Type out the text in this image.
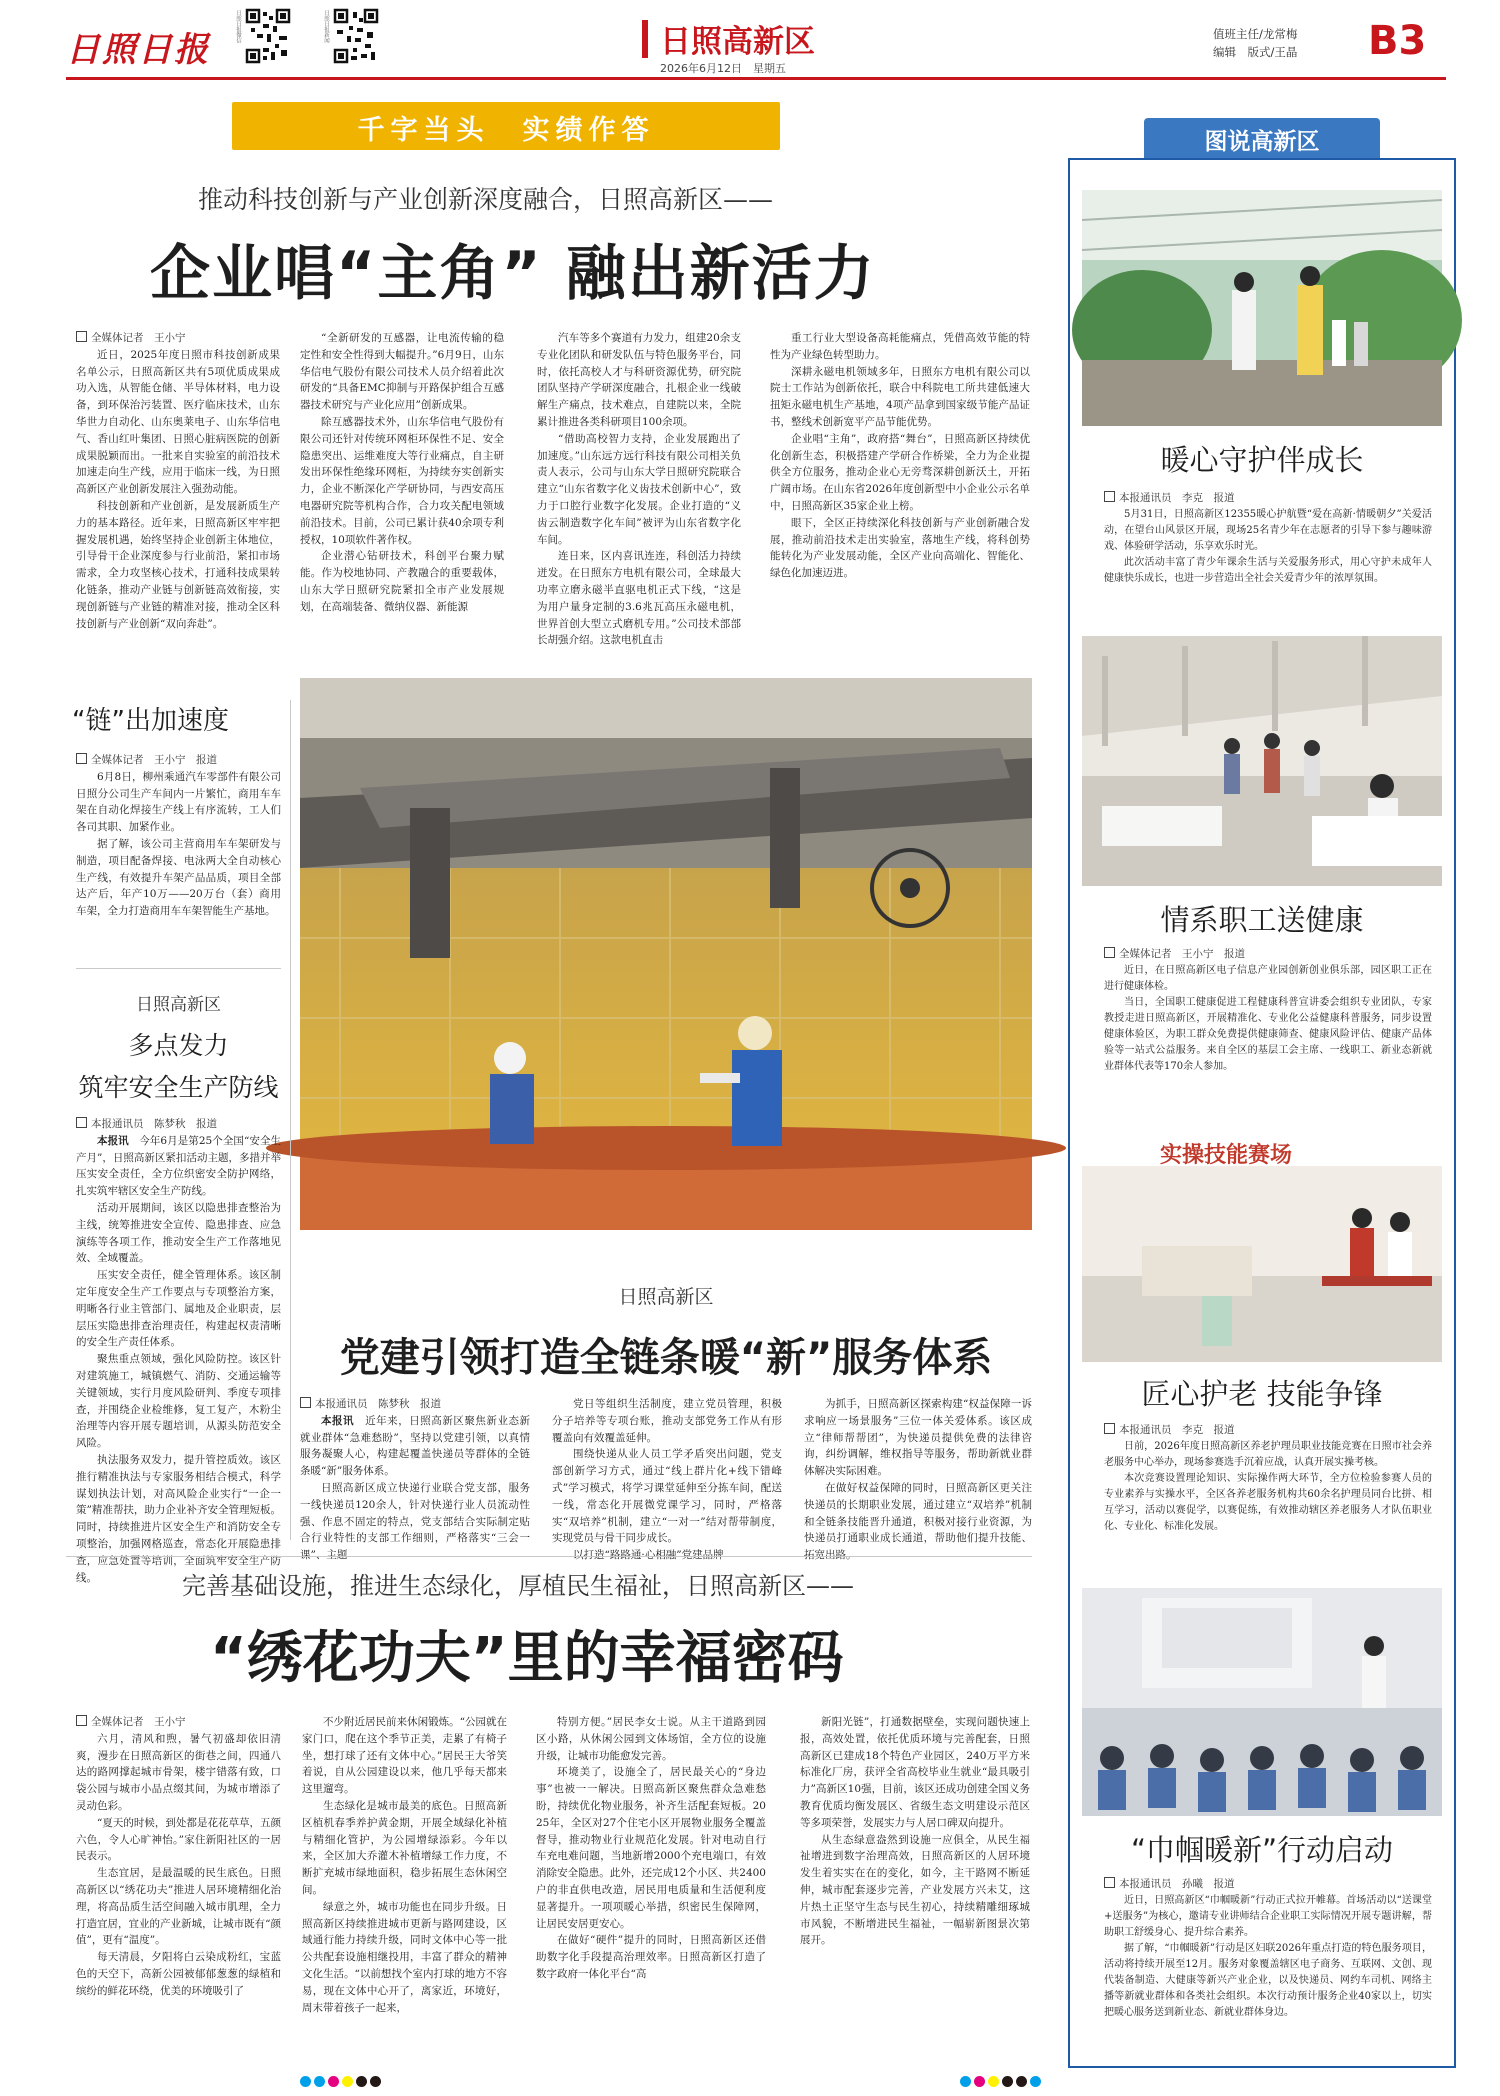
日照日报
日照日报微信	日照日报新闻	日照高新区
2026年6月12日　星期五
值班主任/龙常梅
编辑　版式/王晶	B3
千字当头　实绩作答
推动科技创新与产业创新深度融合，日照高新区——
企业唱“主角” 融出新活力
全媒体记者　王小宁

近日，2025年度日照市科技创新成果名单公示，日照高新区共有5项优质成果成功入选，从智能仓储、半导体材料，电力设备，到环保治污装置、医疗临床技术，山东华世力自动化、山东奥莱电子、山东华信电气、香山红叶集团、日照心脏病医院的创新成果脱颖而出。一批来自实验室的前沿技术加速走向生产线，应用于临床一线，为日照高新区产业创新发展注入强劲动能。

科技创新和产业创新，是发展新质生产力的基本路径。近年来，日照高新区牢牢把握发展机遇，始终坚持企业创新主体地位，引导骨干企业深度参与行业前沿，紧扣市场需求，全力攻坚核心技术，打通科技成果转化链条，推动产业链与创新链高效衔接，实现创新链与产业链的精准对接，推动全区科技创新与产业创新“双向奔赴”。

“全新研发的互感器，让电流传输的稳定性和安全性得到大幅提升。”6月9日，山东华信电气股份有限公司技术人员介绍着此次研发的“具备EMC抑制与开路保护组合互感器技术研究与产业化应用”创新成果。

除互感器技术外，山东华信电气股份有限公司还针对传统环网柜环保性不足、安全隐患突出、运维难度大等行业痛点，自主研发出环保性绝缘环网柜，为持续夯实创新实力，企业不断深化产学研协同，与西安高压电器研究院等机构合作，合力攻关配电领域前沿技术。目前，公司已累计获40余项专利授权，10项软件著作权。

企业潜心钻研技术，科创平台聚力赋能。作为校地协同、产教融合的重要载体，山东大学日照研究院紧扣全市产业发展规划，在高端装备、微纳仪器、新能源

汽车等多个赛道有力发力，组建20余支专业化团队和研发队伍与特色服务平台，同时，依托高校人才与科研资源优势，研究院团队坚持产学研深度融合，扎根企业一线破解生产痛点，技术难点，自建院以来，全院累计推进各类科研项目100余项。

“借助高校智力支持，企业发展跑出了加速度。”山东远方远行科技有限公司相关负责人表示，公司与山东大学日照研究院联合建立“山东省数字化义齿技术创新中心”，致力于口腔行业数字化发展。企业打造的“义齿云制造数字化车间”被评为山东省数字化车间。

连日来，区内喜讯连连，科创活力持续迸发。在日照东方电机有限公司，全球最大功率立磨永磁半直驱电机正式下线，“这是为用户量身定制的3.6兆瓦高压永磁电机，世界首创大型立式磨机专用。”公司技术部部长胡强介绍。这款电机直击

重工行业大型设备高耗能痛点，凭借高效节能的特性为产业绿色转型助力。

深耕永磁电机领域多年，日照东方电机有限公司以院士工作站为创新依托，联合中科院电工所共建低速大扭矩永磁电机生产基地，4项产品拿到国家级节能产品证书，整线术创新宽平产品节能优势。

企业唱“主角”，政府搭“舞台”，日照高新区持续优化创新生态，积极搭建产学研合作桥梁，全力为企业提供全方位服务，推动企业心无旁骛深耕创新沃土，开拓广阔市场。在山东省2026年度创新型中小企业公示名单中，日照高新区35家企业上榜。

眼下，全区正持续深化科技创新与产业创新融合发展，推动前沿技术走出实验室，落地生产线，将科创势能转化为产业发展动能，全区产业向高端化、智能化、绿色化加速迈进。

“链”出加速度
全媒体记者　王小宁　报道

6月8日，柳州乘通汽车零部件有限公司日照分公司生产车间内一片繁忙，商用车车架在自动化焊接生产线上有序流转，工人们各司其职、加紧作业。

据了解，该公司主营商用车车架研发与制造，项目配备焊接、电泳两大全自动核心生产线，有效提升车架产品品质，项目全部达产后，年产10万——20万台（套）商用车架，全力打造商用车车架智能生产基地。

日照高新区
多点发力
筑牢安全生产防线
本报通讯员　陈梦秋　报道

本报讯　 今年6月是第25个全国“安全生产月”，日照高新区紧扣活动主题，多措并举压实安全责任，全方位织密安全防护网络，扎实筑牢辖区安全生产防线。

活动开展期间，该区以隐患排查整治为主线，统筹推进安全宣传、隐患排查、应急演练等各项工作，推动安全生产工作落地见效、全域覆盖。

压实安全责任，健全管理体系。该区制定年度安全生产工作要点与专项整治方案，明晰各行业主管部门、属地及企业职责，层层压实隐患排查治理责任，构建起权责清晰的安全生产责任体系。

聚焦重点领域，强化风险防控。该区针对建筑施工，城镇燃气、消防、交通运输等关键领域，实行月度风险研判、季度专项排查，并围绕企业检维修，复工复产，木粉尘治理等内容开展专题培训，从源头防范安全风险。

执法服务双发力，提升管控质效。该区推行精准执法与专家服务相结合模式，科学谋划执法计划，对高风险企业实行“一企一策”精准帮扶，助力企业补齐安全管理短板。同时，持续推进片区安全生产和消防安全专项整治，加强网格巡查，常态化开展隐患排查，应急处置等培训，全面筑牢安全生产防线。

日照高新区
党建引领打造全链条暖“新”服务体系
本报通讯员　陈梦秋　报道

本报讯　 近年来，日照高新区聚焦新业态新就业群体“急难愁盼”，坚持以党建引领，以真情服务凝聚人心，构建起覆盖快递员等群体的全链条暖“新”服务体系。

日照高新区成立快递行业联合党支部，服务一线快递员120余人，针对快递行业人员流动性强、作息不固定的特点，党支部结合实际制定贴合行业特性的支部工作细则，严格落实“三会一课”、主题

党日等组织生活制度，建立党员管理，积极分子培养等专项台账，推动支部党务工作从有形覆盖向有效覆盖延伸。

围绕快递从业人员工学矛盾突出问题，党支部创新学习方式，通过“线上群片化+线下错峰式”学习模式，将学习课堂延伸至分拣车间，配送一线，常态化开展微党课学习，同时，严格落实“双培养”机制，建立“一对一”结对帮带制度，实现党员与骨干同步成长。

以打造“路路通·心相融”党建品牌

为抓手，日照高新区探索构建“权益保障一诉求响应一场景服务”三位一体关爱体系。该区成立“律师帮帮团”，为快递员提供免费的法律咨询，纠纷调解，维权指导等服务，帮助新就业群体解决实际困难。

在做好权益保障的同时，日照高新区更关注快递员的长期职业发展，通过建立“双培养”机制和全链条技能晋升通道，积极对接行业资源，为快递员打通职业成长通道，帮助他们提升技能、拓宽出路。

完善基础设施，推进生态绿化，厚植民生福祉，日照高新区——
“绣花功夫”里的幸福密码
全媒体记者　王小宁

六月，清风和煦，暑气初盛却依旧清爽，漫步在日照高新区的街巷之间，四通八达的路网撑起城市骨架，楼宇错落有致，口袋公园与城市小品点缀其间，为城市增添了灵动色彩。

“夏天的时候，到处都是花花草草，五颜六色，令人心旷神怡。”家住新阳社区的一居民表示。

生态宜居，是最温暖的民生底色。日照高新区以“绣花功夫”推进人居环境精细化治理，将高品质生活空间融入城市肌理，全力打造宜居，宜业的产业新城，让城市既有“颜值”，更有“温度”。

每天清晨，夕阳将白云染成粉红，宝蓝色的天空下，高新公园被郁郁葱葱的绿植和缤纷的鲜花环绕，优美的环境吸引了

不少附近居民前来休闲锻炼。“公园就在家门口，爬在这个季节正美，走累了有椅子坐，想打球了还有文体中心。”居民王大爷笑着说，自从公园建设以来，他几乎每天都来这里遛弯。

生态绿化是城市最美的底色。日照高新区植机春季养护黄金期，开展全域绿化补植与精细化管护，为公园增绿添彩。今年以来，全区加大乔灌木补植增绿工作力度，不断扩充城市绿地面积，稳步拓展生态休闲空间。

绿意之外，城市功能也在同步升级。日照高新区持续推进城市更新与路网建设，区域通行能力持续升级，同时文体中心等一批公共配套设施相继投用，丰富了群众的精神文化生活。“以前想找个室内打球的地方不容易，现在文体中心开了，离家近，环境好，周末带着孩子一起来，

特别方便。”居民李女士说。从主干道路到园区小路，从休闲公园到文体场馆，全方位的设施升级，让城市功能愈发完善。

环境美了，设施全了，居民最关心的“身边事”也被一一解决。日照高新区聚焦群众急难愁盼，持续优化物业服务，补齐生活配套短板。2025年，全区对27个住宅小区开展物业服务全覆盖督导，推动物业行业规范化发展。针对电动自行车充电难问题，当地新增2000个充电端口，有效消除安全隐患。此外，还完成12个小区、共2400户的非直供电改造，居民用电质量和生活便利度显著提升。一项项暖心举措，织密民生保障网，让居民安居更安心。

在做好“硬件”提升的同时，日照高新区还借助数字化手段提高治理效率。日照高新区打造了数字政府一体化平台“高

新阳光链”，打通数据壁垒，实现问题快速上报，高效处置，依托优质环境与完善配套，日照高新区已建成18个特色产业园区，240万平方米标准化厂房，获评全省高校毕业生就业“最具吸引力”高新区10强，目前，该区还成功创建全国义务教育优质均衡发展区、省级生态文明建设示范区等多项荣誉，发展实力与人居口碑双向提升。

从生态绿意盎然到设施一应俱全，从民生福祉增进到数字治理高效，日照高新区的人居环境发生着实实在在的变化，如今，主干路网不断延伸，城市配套逐步完善，产业发展方兴未艾，这片热土正坚守生态与民生初心，持续精雕细琢城市风貌，不断增进民生福祉，一幅崭新图景次第展开。

图说高新区
暖心守护伴成长
本报通讯员　李克　报道

5月31日，日照高新区12355暖心护航暨“爱在高新·情暖朝夕”关爱活动，在望台山风景区开展，现场25名青少年在志愿者的引导下参与趣味游戏、体验研学活动，乐享欢乐时光。

此次活动丰富了青少年课余生活与关爱服务形式，用心守护未成年人健康快乐成长，也进一步营造出全社会关爱青少年的浓厚氛围。

情系职工送健康
全媒体记者　王小宁　报道

近日，在日照高新区电子信息产业园创新创业俱乐部，园区职工正在进行健康体检。

当日，全国职工健康促进工程健康科普宣讲委会组织专业团队，专家教授走进日照高新区，开展精准化、专业化公益健康科普服务，同步设置健康体验区，为职工群众免费提供健康筛查、健康风险评估、健康产品体验等一站式公益服务。来自全区的基层工会主席、一线职工、新业态新就业群体代表等170余人参加。

实操技能赛场
匠心护老 技能争锋
本报通讯员　李克　报道

日前，2026年度日照高新区养老护理员职业技能竞赛在日照市社会养老服务中心举办，现场参赛选手沉着应战，认真开展实操考核。

本次竞赛设置理论知识、实际操作两大环节，全方位检验参赛人员的专业素养与实操水平，全区各养老服务机构共60余名护理员同台比拼、相互学习，活动以赛促学，以赛促练，有效推动辖区养老服务人才队伍职业化、专业化、标准化发展。

“巾帼暖新”行动启动
本报通讯员　孙曦　报道

近日，日照高新区“巾帼暖新”行动正式拉开帷幕。首场活动以“送课堂+送服务”为核心，邀请专业讲师结合企业职工实际情况开展专题讲解，帮助职工舒缓身心、提升综合素养。

据了解，“巾帼暖新”行动是区妇联2026年重点打造的特色服务项目，活动将持续开展至12月。服务对象覆盖辖区电子商务、互联网、文创、现代装备制造、大健康等新兴产业企业，以及快递员、网约车司机、网络主播等新就业群体和各类社会组织。本次行动预计服务企业40家以上，切实把暖心服务送到新业态、新就业群体身边。
